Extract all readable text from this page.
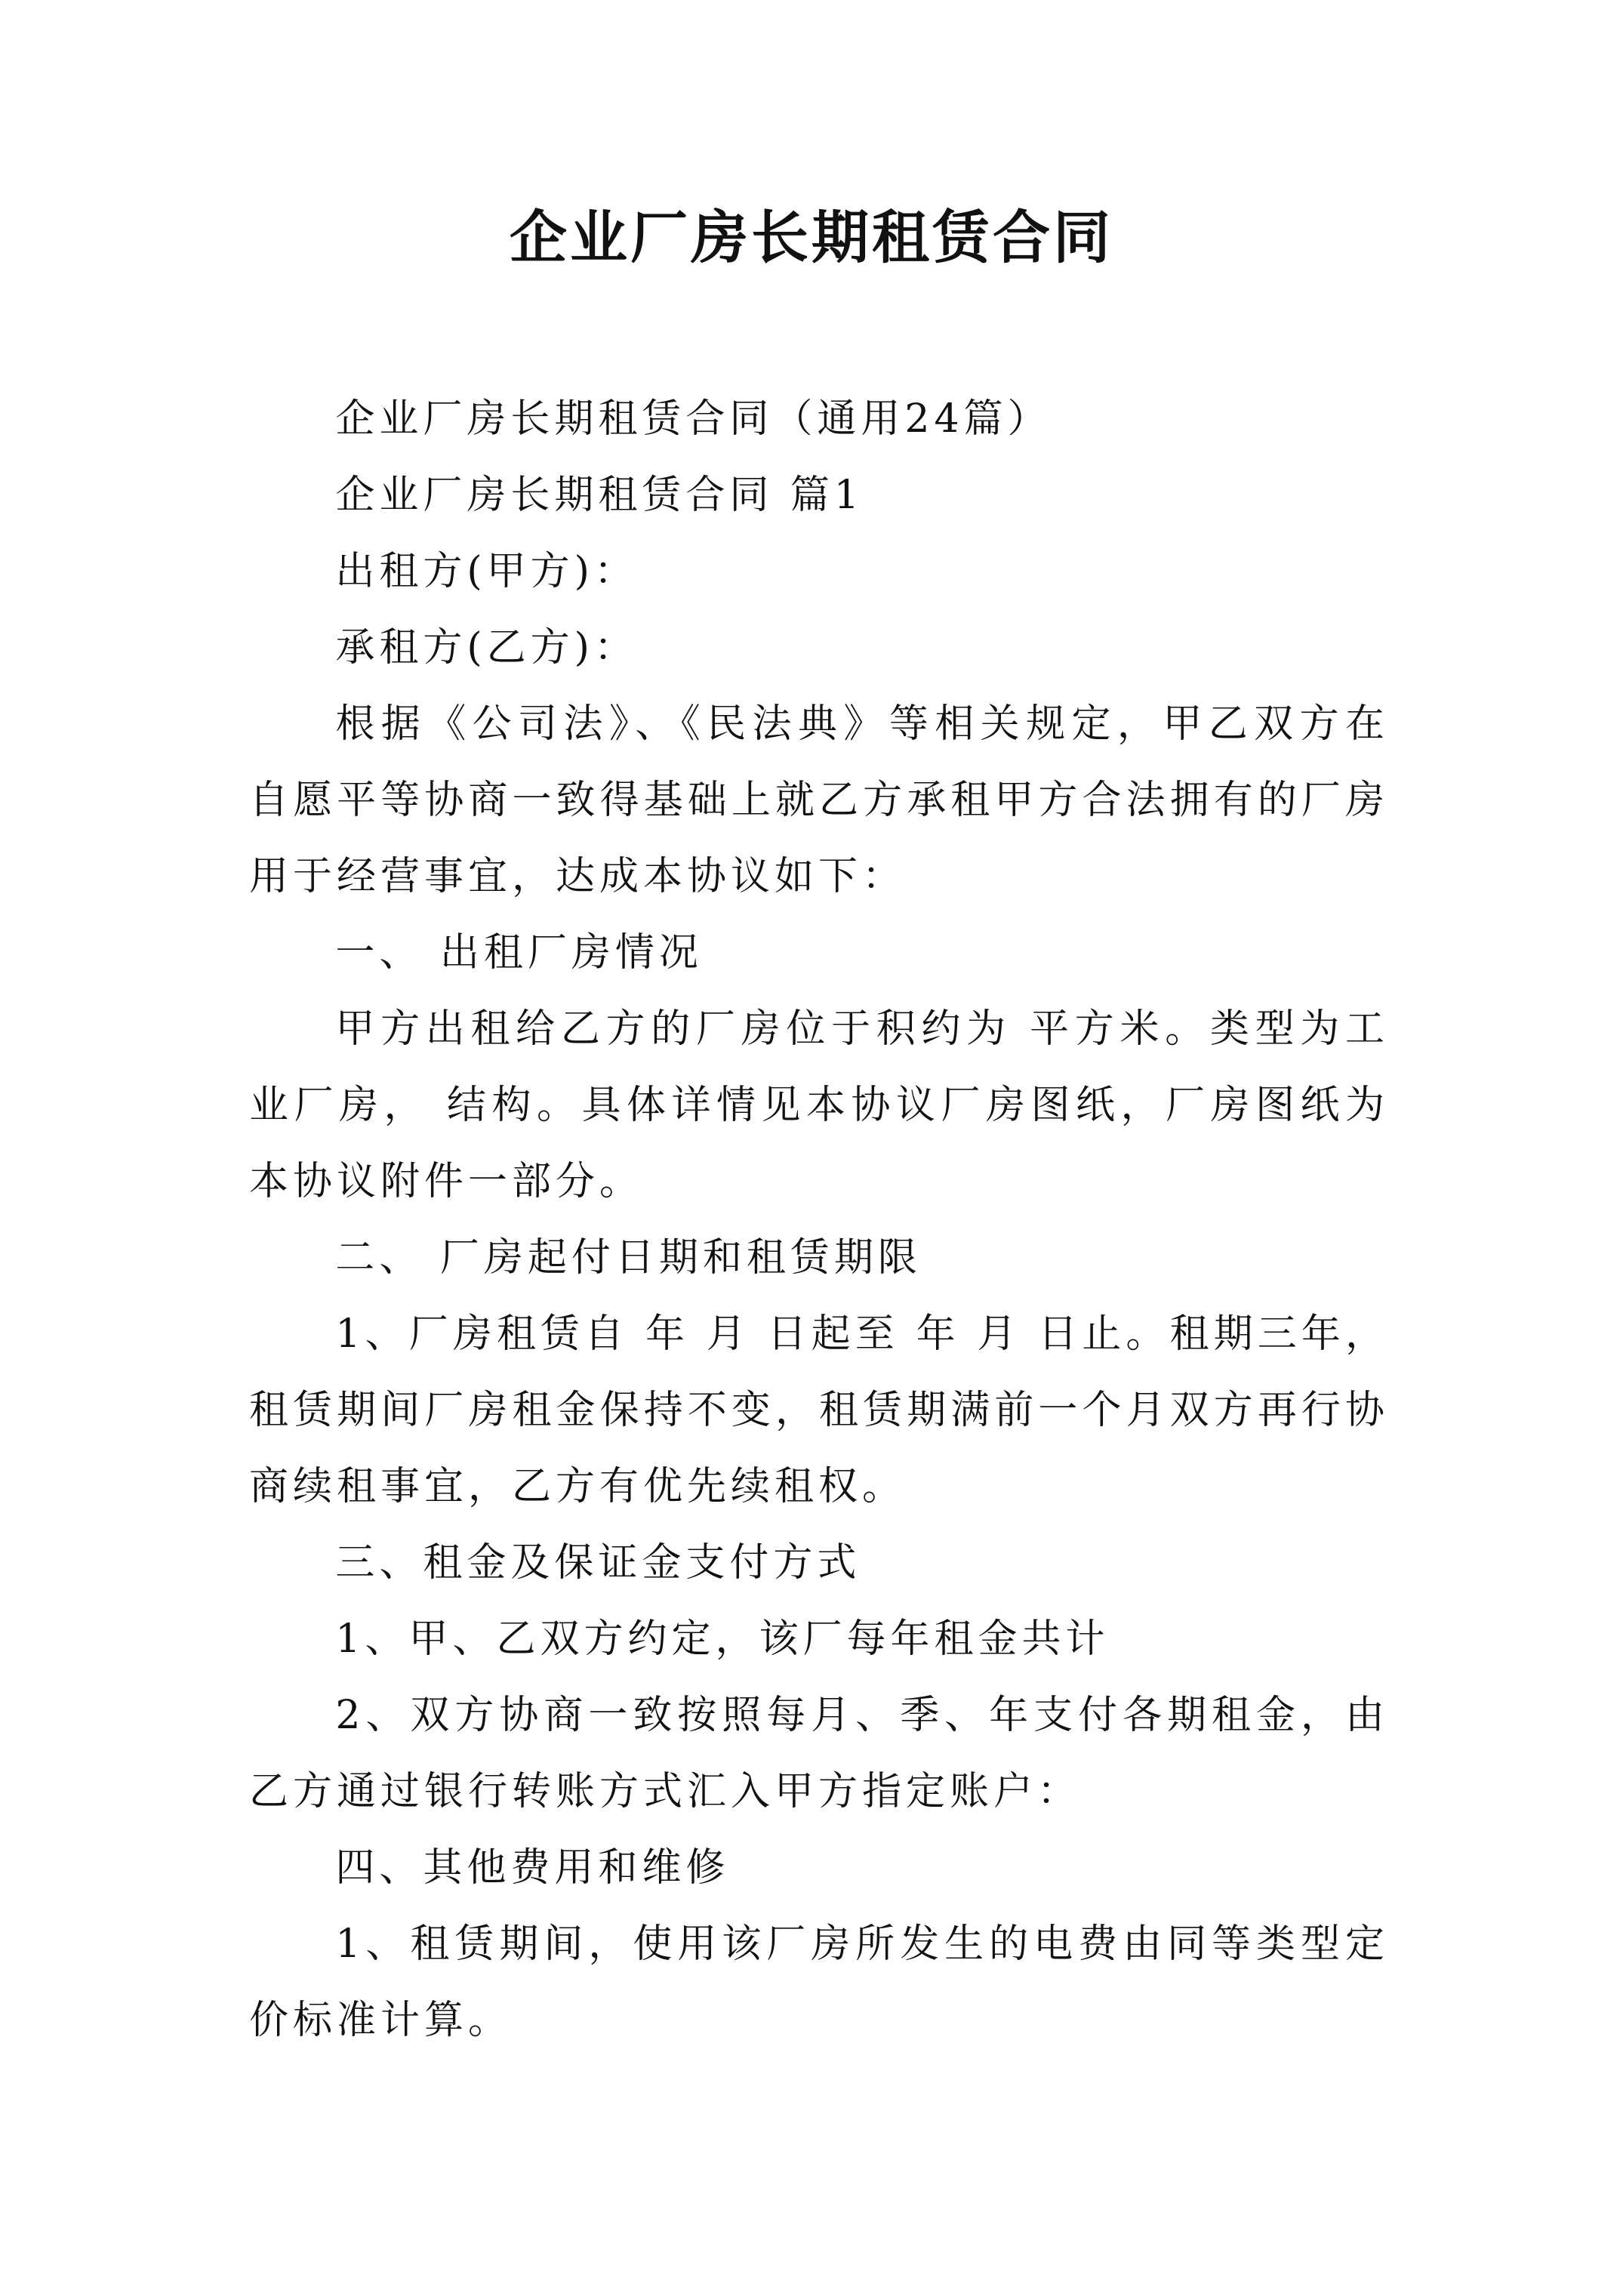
企业厂房长期租赁合同

企业厂房长期租赁合同（通用24篇）

企业厂房长期租赁合同 篇1

出租方(甲方)：

承租方(乙方)：

根据《公司法》、《民法典》等相关规定，甲乙双方在自愿平等协商一致得基础上就乙方承租甲方合法拥有的厂房用于经营事宜，达成本协议如下：

一、 出租厂房情况

甲方出租给乙方的厂房位于积约为 平方米。类型为工业厂房， 结构。具体详情见本协议厂房图纸，厂房图纸为本协议附件一部分。

二、 厂房起付日期和租赁期限

1、厂房租赁自 年 月 日起至 年 月 日止。租期三年，租赁期间厂房租金保持不变，租赁期满前一个月双方再行协商续租事宜，乙方有优先续租权。

三、租金及保证金支付方式

1、甲、乙双方约定，该厂每年租金共计

2、双方协商一致按照每月、季、年支付各期租金，由乙方通过银行转账方式汇入甲方指定账户：

四、其他费用和维修

1、租赁期间，使用该厂房所发生的电费由同等类型定价标准计算。
